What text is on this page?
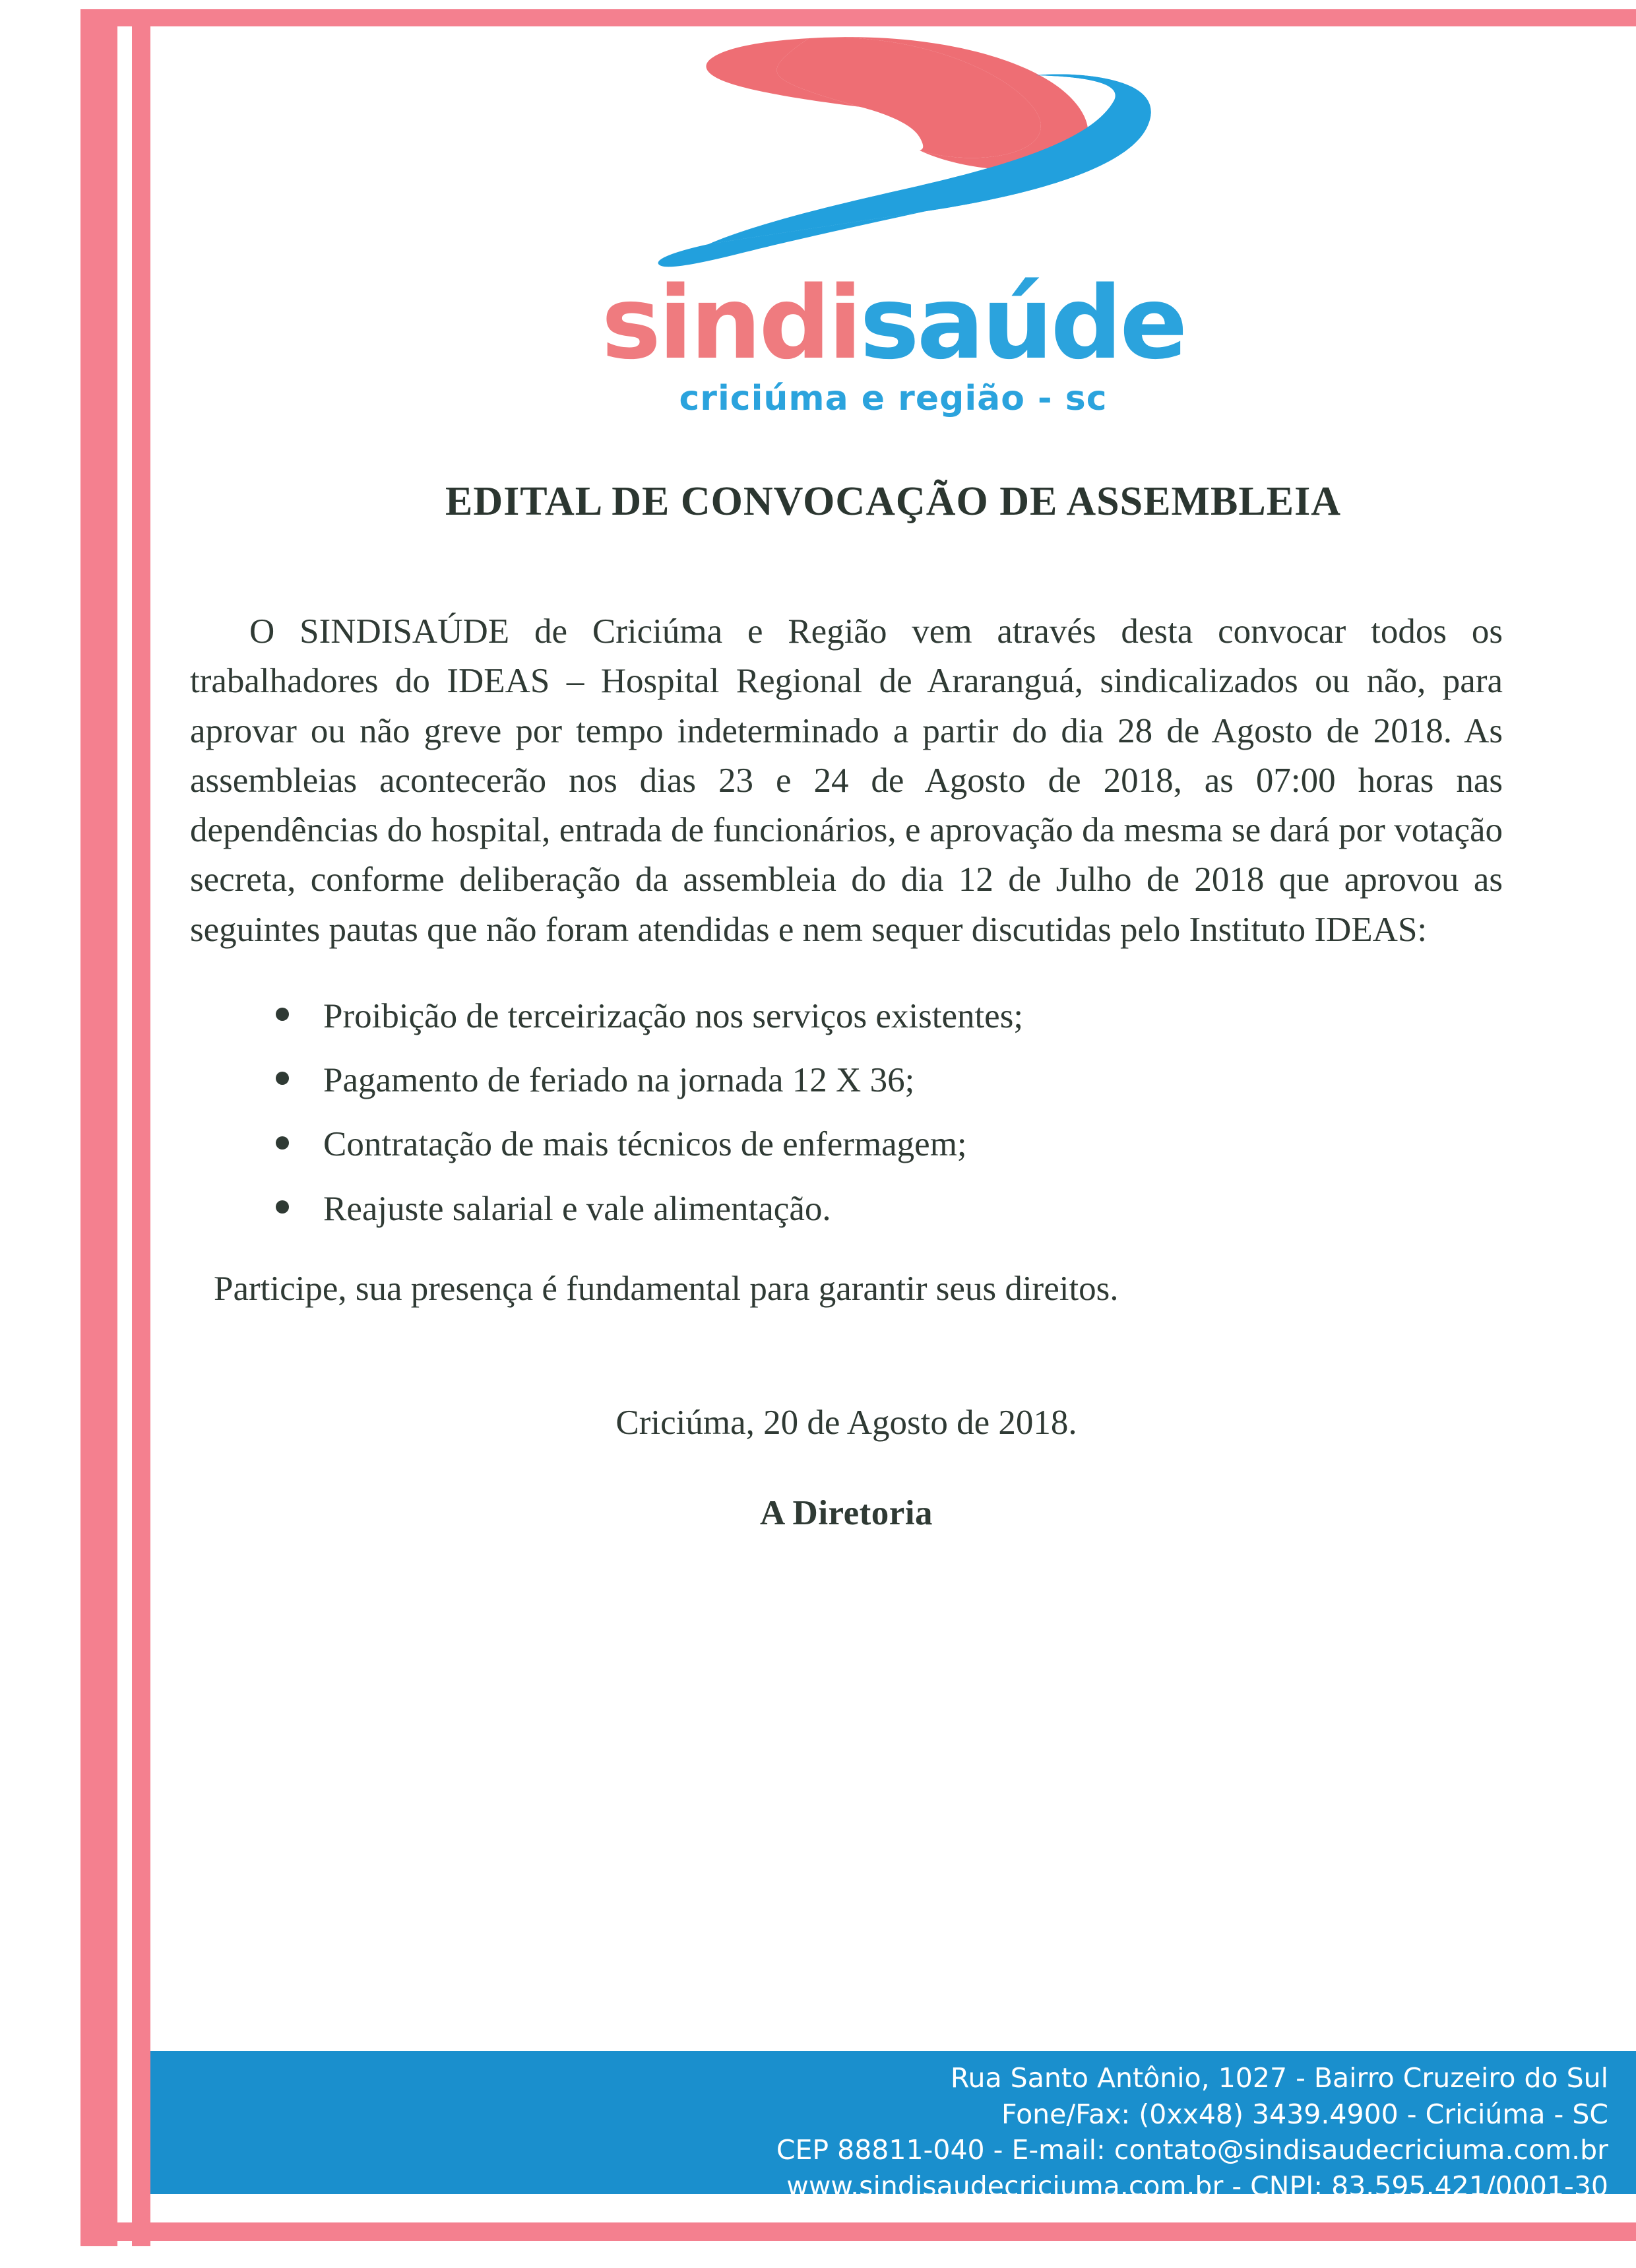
sindisaúde
criciúma e região - sc
EDITAL DE CONVOCAÇÃO DE ASSEMBLEIA

O SINDISAÚDE de Criciúma e Região vem através desta convocar todos os trabalhadores do IDEAS – Hospital Regional de Araranguá, sindicalizados ou não, para aprovar ou não greve por tempo indeterminado a partir do dia 28 de Agosto de 2018. As assembleias acontecerão nos dias 23 e 24 de Agosto de 2018, as 07:00 horas nas dependências do hospital, entrada de funcionários, e aprovação da mesma se dará por votação secreta, conforme deliberação da assembleia do dia 12 de Julho de 2018 que aprovou as seguintes pautas que não foram atendidas e nem sequer discutidas pelo Instituto IDEAS:

Proibição de terceirização nos serviços existentes;
Pagamento de feriado na jornada 12 X 36;
Contratação de mais técnicos de enfermagem;
Reajuste salarial e vale alimentação.

Participe, sua presença é fundamental para garantir seus direitos.

Criciúma, 20 de Agosto de 2018.

A Diretoria

Rua Santo Antônio, 1027 - Bairro Cruzeiro do Sul
Fone/Fax: (0xx48) 3439.4900 - Criciúma - SC
CEP 88811-040 - E-mail: contato@sindisaudecriciuma.com.br
www.sindisaudecriciuma.com.br - CNPJ: 83.595.421/0001-30
